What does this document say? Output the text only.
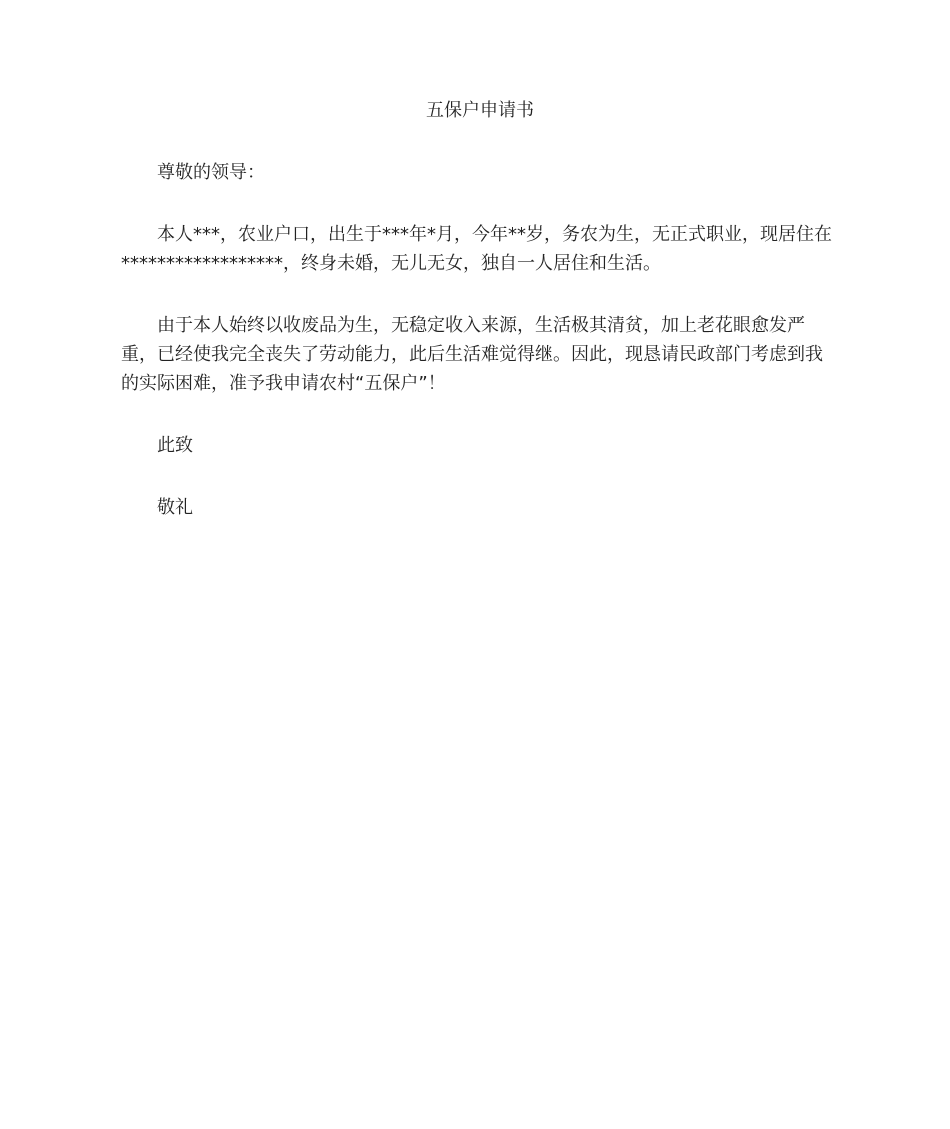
五保户申请书

尊敬的领导：

本人***，农业户口，出生于***年*月，今年**岁，务农为生，无正式职业，现居住在******************，终身未婚，无儿无女，独自一人居住和生活。

由于本人始终以收废品为生，无稳定收入来源，生活极其清贫，加上老花眼愈发严重，已经使我完全丧失了劳动能力，此后生活难觉得继。因此，现恳请民政部门考虑到我的实际困难，准予我申请农村“五保户”！

此致

敬礼
